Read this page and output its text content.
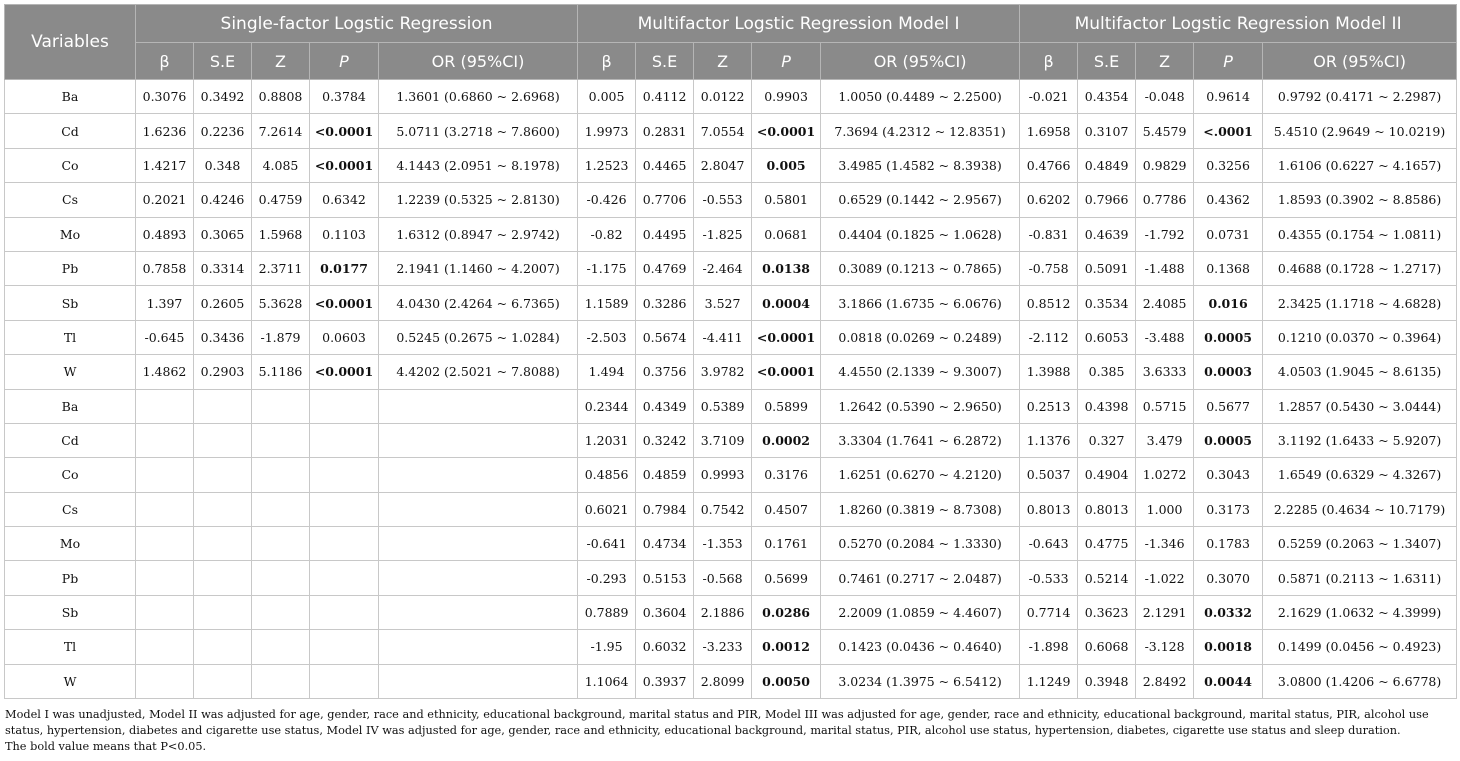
Variables	Single-factor Logstic Regression					Multifactor Logstic Regression Model I					Multifactor Logstic Regression Model II				
	β	S.E	Z	P	OR (95%CI)	β	S.E	Z	P	OR (95%CI)	β	S.E	Z	P	OR (95%CI)
Ba	0.3076	0.3492	0.8808	0.3784	1.3601 (0.6860 ~ 2.6968)	0.005	0.4112	0.0122	0.9903	1.0050 (0.4489 ~ 2.2500)	-0.021	0.4354	-0.048	0.9614	0.9792 (0.4171 ~ 2.2987)
Cd	1.6236	0.2236	7.2614	<0.0001	5.0711 (3.2718 ~ 7.8600)	1.9973	0.2831	7.0554	<0.0001	7.3694 (4.2312 ~ 12.8351)	1.6958	0.3107	5.4579	<.0001	5.4510 (2.9649 ~ 10.0219)
Co	1.4217	0.348	4.085	<0.0001	4.1443 (2.0951 ~ 8.1978)	1.2523	0.4465	2.8047	0.005	3.4985 (1.4582 ~ 8.3938)	0.4766	0.4849	0.9829	0.3256	1.6106 (0.6227 ~ 4.1657)
Cs	0.2021	0.4246	0.4759	0.6342	1.2239 (0.5325 ~ 2.8130)	-0.426	0.7706	-0.553	0.5801	0.6529 (0.1442 ~ 2.9567)	0.6202	0.7966	0.7786	0.4362	1.8593 (0.3902 ~ 8.8586)
Mo	0.4893	0.3065	1.5968	0.1103	1.6312 (0.8947 ~ 2.9742)	-0.82	0.4495	-1.825	0.0681	0.4404 (0.1825 ~ 1.0628)	-0.831	0.4639	-1.792	0.0731	0.4355 (0.1754 ~ 1.0811)
Pb	0.7858	0.3314	2.3711	0.0177	2.1941 (1.1460 ~ 4.2007)	-1.175	0.4769	-2.464	0.0138	0.3089 (0.1213 ~ 0.7865)	-0.758	0.5091	-1.488	0.1368	0.4688 (0.1728 ~ 1.2717)
Sb	1.397	0.2605	5.3628	<0.0001	4.0430 (2.4264 ~ 6.7365)	1.1589	0.3286	3.527	0.0004	3.1866 (1.6735 ~ 6.0676)	0.8512	0.3534	2.4085	0.016	2.3425 (1.1718 ~ 4.6828)
Tl	-0.645	0.3436	-1.879	0.0603	0.5245 (0.2675 ~ 1.0284)	-2.503	0.5674	-4.411	<0.0001	0.0818 (0.0269 ~ 0.2489)	-2.112	0.6053	-3.488	0.0005	0.1210 (0.0370 ~ 0.3964)
W	1.4862	0.2903	5.1186	<0.0001	4.4202 (2.5021 ~ 7.8088)	1.494	0.3756	3.9782	<0.0001	4.4550 (2.1339 ~ 9.3007)	1.3988	0.385	3.6333	0.0003	4.0503 (1.9045 ~ 8.6135)
Ba						0.2344	0.4349	0.5389	0.5899	1.2642 (0.5390 ~ 2.9650)	0.2513	0.4398	0.5715	0.5677	1.2857 (0.5430 ~ 3.0444)
Cd						1.2031	0.3242	3.7109	0.0002	3.3304 (1.7641 ~ 6.2872)	1.1376	0.327	3.479	0.0005	3.1192 (1.6433 ~ 5.9207)
Co						0.4856	0.4859	0.9993	0.3176	1.6251 (0.6270 ~ 4.2120)	0.5037	0.4904	1.0272	0.3043	1.6549 (0.6329 ~ 4.3267)
Cs						0.6021	0.7984	0.7542	0.4507	1.8260 (0.3819 ~ 8.7308)	0.8013	0.8013	1.000	0.3173	2.2285 (0.4634 ~ 10.7179)
Mo						-0.641	0.4734	-1.353	0.1761	0.5270 (0.2084 ~ 1.3330)	-0.643	0.4775	-1.346	0.1783	0.5259 (0.2063 ~ 1.3407)
Pb						-0.293	0.5153	-0.568	0.5699	0.7461 (0.2717 ~ 2.0487)	-0.533	0.5214	-1.022	0.3070	0.5871 (0.2113 ~ 1.6311)
Sb						0.7889	0.3604	2.1886	0.0286	2.2009 (1.0859 ~ 4.4607)	0.7714	0.3623	2.1291	0.0332	2.1629 (1.0632 ~ 4.3999)
Tl						-1.95	0.6032	-3.233	0.0012	0.1423 (0.0436 ~ 0.4640)	-1.898	0.6068	-3.128	0.0018	0.1499 (0.0456 ~ 0.4923)
W						1.1064	0.3937	2.8099	0.0050	3.0234 (1.3975 ~ 6.5412)	1.1249	0.3948	2.8492	0.0044	3.0800 (1.4206 ~ 6.6778)

Model I was unadjusted, Model II was adjusted for age, gender, race and ethnicity, educational background, marital status and PIR, Model III was adjusted for age, gender, race and ethnicity, educational background, marital status, PIR, alcohol use status, hypertension, diabetes and cigarette use status, Model IV was adjusted for age, gender, race and ethnicity, educational background, marital status, PIR, alcohol use status, hypertension, diabetes, cigarette use status and sleep duration.

The bold value means that P<0.05.
